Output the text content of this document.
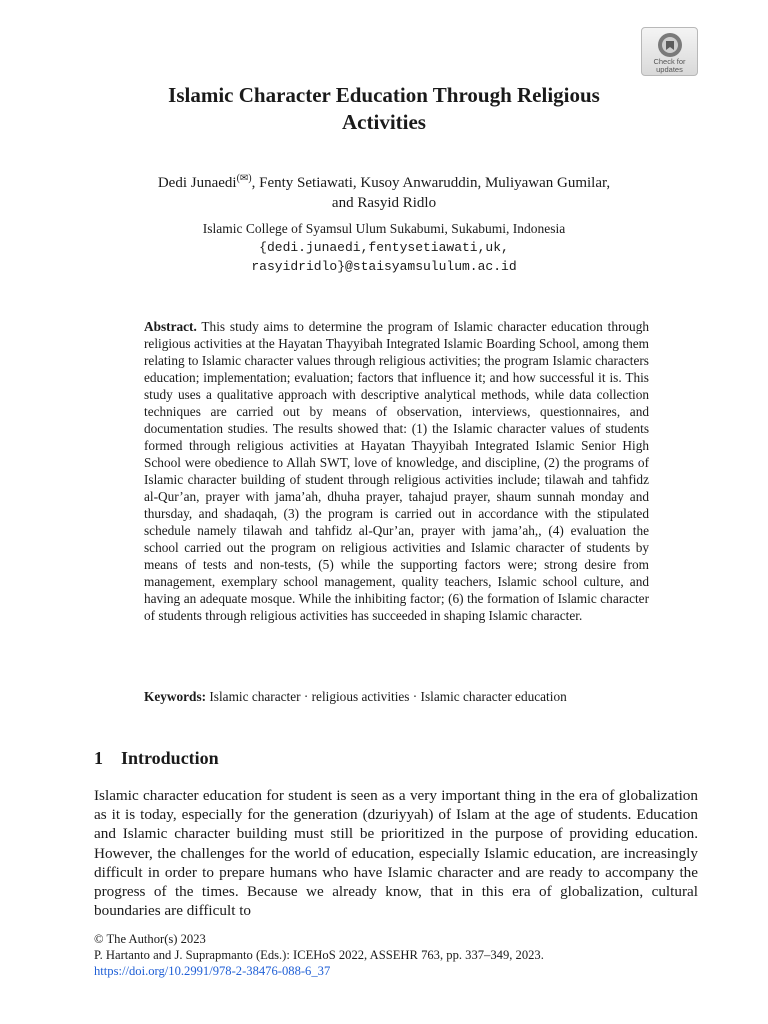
Check for
updates
Islamic Character Education Through Religious
Activities
Dedi Junaedi(✉), Fenty Setiawati, Kusoy Anwaruddin, Muliyawan Gumilar,
and Rasyid Ridlo
Islamic College of Syamsul Ulum Sukabumi, Sukabumi, Indonesia
{dedi.junaedi,fentysetiawati,uk,
rasyidridlo}@staisyamsululum.ac.id
Abstract. This study aims to determine the program of Islamic character education through religious activities at the Hayatan Thayyibah Integrated Islamic Boarding School, among them relating to Islamic character values through religious activities; the program Islamic characters education; implementation; evaluation; factors that influence it; and how successful it is. This study uses a qualitative approach with descriptive analytical methods, while data collection techniques are carried out by means of observation, interviews, questionnaires, and documentation studies. The results showed that: (1) the Islamic character values of students formed through religious activities at Hayatan Thayyibah Integrated Islamic Senior High School were obedience to Allah SWT, love of knowledge, and discipline, (2) the programs of Islamic character building of student through religious activities include; tilawah and tahfidz al-Qur’an, prayer with jama’ah, dhuha prayer, tahajud prayer, shaum sunnah monday and thursday, and shadaqah, (3) the program is carried out in accordance with the stipulated schedule namely tilawah and tahfidz al-Qur’an, prayer with jama’ah,, (4) evaluation the school carried out the program on religious activities and Islamic character of students by means of tests and non-tests, (5) while the supporting factors were; strong desire from management, exemplary school management, quality teachers, Islamic school culture, and having an adequate mosque. While the inhibiting factor; (6) the formation of Islamic character of students through religious activities has succeeded in shaping Islamic character.
Keywords: Islamic character · religious activities · Islamic character education
1 Introduction

Islamic character education for student is seen as a very important thing in the era of globalization as it is today, especially for the generation (dzuriyyah) of Islam at the age of students. Education and Islamic character building must still be prioritized in the purpose of providing education. However, the challenges for the world of education, especially Islamic education, are increasingly difficult in order to prepare humans who have Islamic character and are ready to accompany the progress of the times. Because we already know, that in this era of globalization, cultural boundaries are difficult to

© The Author(s) 2023
P. Hartanto and J. Suprapmanto (Eds.): ICEHoS 2022, ASSEHR 763, pp. 337–349, 2023.
https://doi.org/10.2991/978-2-38476-088-6_37
